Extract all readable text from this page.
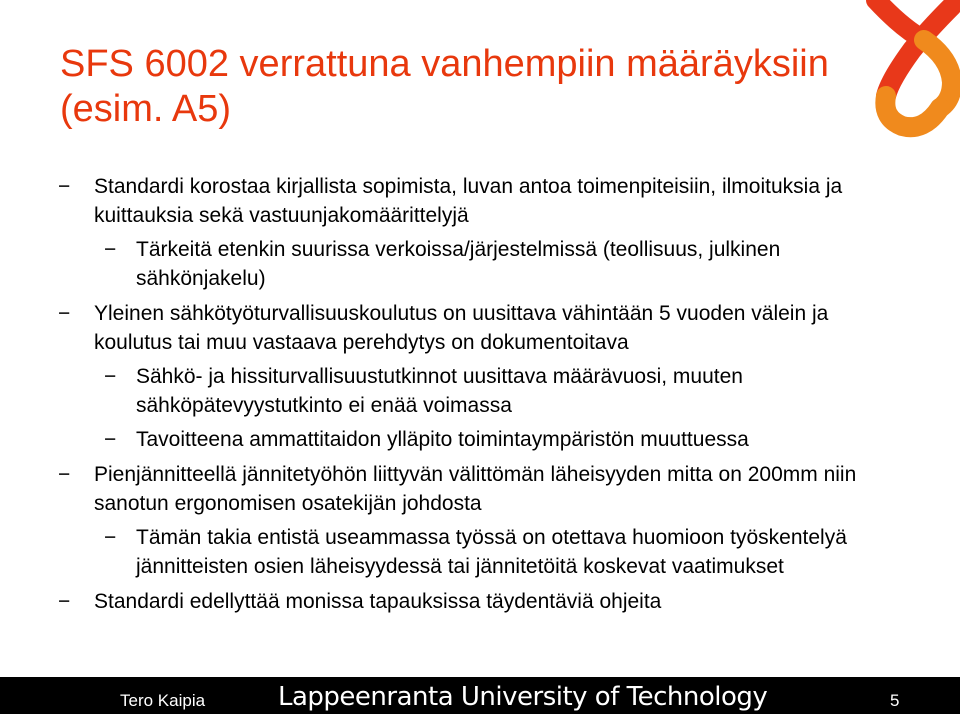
SFS 6002 verrattuna vanhempiin määräyksiin (esim. A5)
− Standardi korostaa kirjallista sopimista, luvan antoa toimenpiteisiin, ilmoituksia ja kuittauksia sekä vastuunjakomäärittelyjä
− Tärkeitä etenkin suurissa verkoissa/järjestelmissä (teollisuus, julkinen sähkönjakelu)
− Yleinen sähkötyöturvallisuuskoulutus on uusittava vähintään 5 vuoden välein ja koulutus tai muu vastaava perehdytys on dokumentoitava
− Sähkö- ja hissiturvallisuustutkinnot uusittava määrävuosi, muuten sähköpätevyystutkinto ei enää voimassa
− Tavoitteena ammattitaidon ylläpito toimintaympäristön muuttuessa
− Pienjännitteellä jännitetyöhön liittyvän välittömän läheisyyden mitta on 200mm niin sanotun ergonomisen osatekijän johdosta
− Tämän takia entistä useammassa työssä on otettava huomioon työskentelyä jännitteisten osien läheisyydessä tai jännitetöitä koskevat vaatimukset
− Standardi edellyttää monissa tapauksissa täydentäviä ohjeita
Tero Kaipia	Lappeenranta University of Technology	5
